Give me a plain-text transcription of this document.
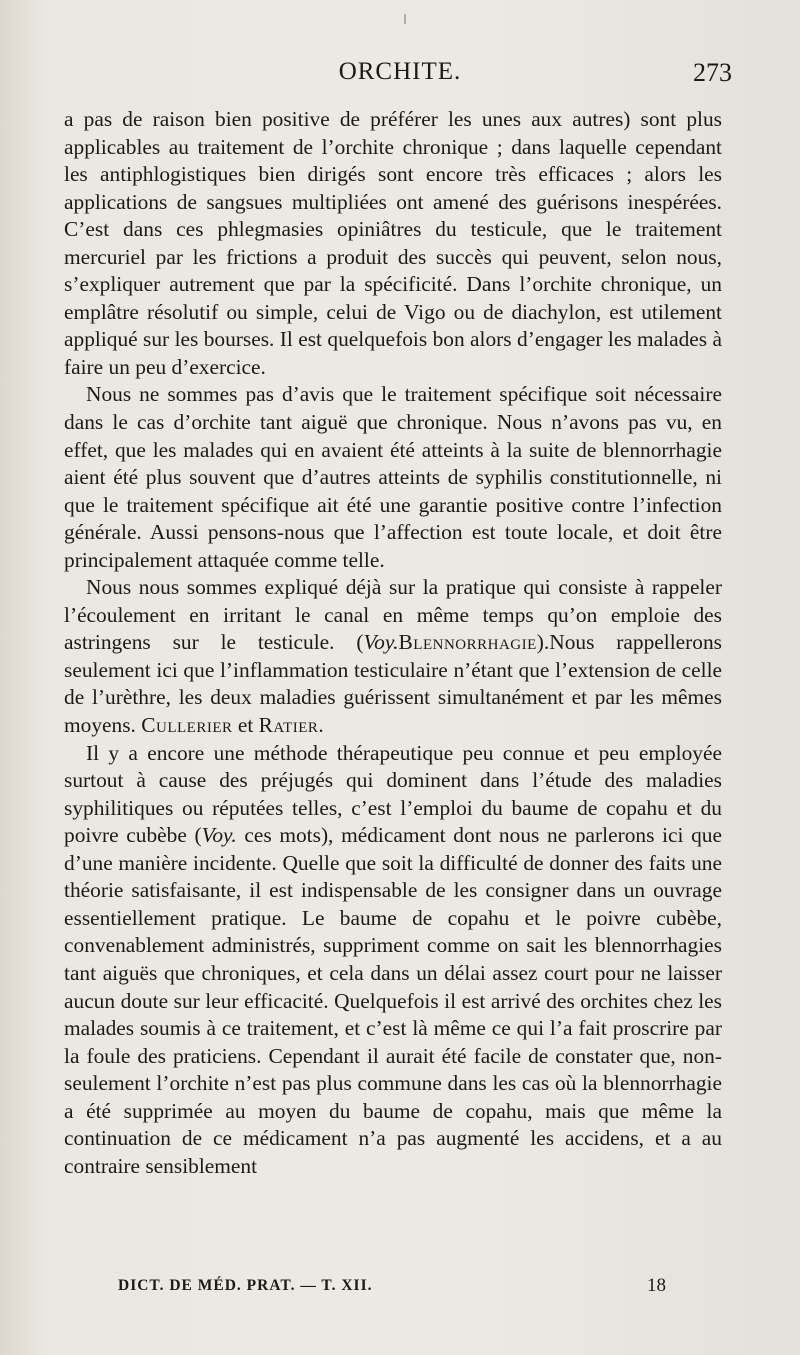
ORCHITE.	273

a pas de raison bien positive de préférer les unes aux autres) sont plus applicables au traitement de l’orchite chronique ; dans laquelle cependant les antiphlogistiques bien dirigés sont encore très efficaces ; alors les applications de sangsues multipliées ont amené des guérisons inespérées. C’est dans ces phlegmasies opiniâtres du testicule, que le traitement mercuriel par les frictions a produit des succès qui peuvent, selon nous, s’expliquer autrement que par la spécificité. Dans l’orchite chronique, un emplâtre résolutif ou simple, celui de Vigo ou de diachylon, est utilement appliqué sur les bourses. Il est quelquefois bon alors d’engager les malades à faire un peu d’exercice.

Nous ne sommes pas d’avis que le traitement spécifique soit nécessaire dans le cas d’orchite tant aiguë que chronique. Nous n’avons pas vu, en effet, que les malades qui en avaient été atteints à la suite de blennorrhagie aient été plus souvent que d’autres atteints de syphilis constitutionnelle, ni que le traitement spécifique ait été une garantie positive contre l’infection générale. Aussi pensons-nous que l’affection est toute locale, et doit être principalement attaquée comme telle.

Nous nous sommes expliqué déjà sur la pratique qui consiste à rappeler l’écoulement en irritant le canal en même temps qu’on emploie des astringens sur le testicule. (Voy.Blennorrhagie).Nous rappellerons seulement ici que l’inflammation testiculaire n’étant que l’extension de celle de l’urèthre, les deux maladies guérissent simultanément et par les mêmes moyens. Cullerier et Ratier.

Il y a encore une méthode thérapeutique peu connue et peu employée surtout à cause des préjugés qui dominent dans l’étude des maladies syphilitiques ou réputées telles, c’est l’emploi du baume de copahu et du poivre cubèbe (Voy. ces mots), médicament dont nous ne parlerons ici que d’une manière incidente. Quelle que soit la difficulté de donner des faits une théorie satisfaisante, il est indispensable de les consigner dans un ouvrage essentiellement pratique. Le baume de copahu et le poivre cubèbe, convenablement administrés, suppriment comme on sait les blennorrhagies tant aiguës que chroniques, et cela dans un délai assez court pour ne laisser aucun doute sur leur efficacité. Quelquefois il est arrivé des orchites chez les malades soumis à ce traitement, et c’est là même ce qui l’a fait proscrire par la foule des praticiens. Cependant il aurait été facile de constater que, non-seulement l’orchite n’est pas plus commune dans les cas où la blennorrhagie a été supprimée au moyen du baume de copahu, mais que même la continuation de ce médicament n’a pas augmenté les accidens, et a au contraire sensiblement

DICT. DE MÉD. PRAT. — T. XII.	18
